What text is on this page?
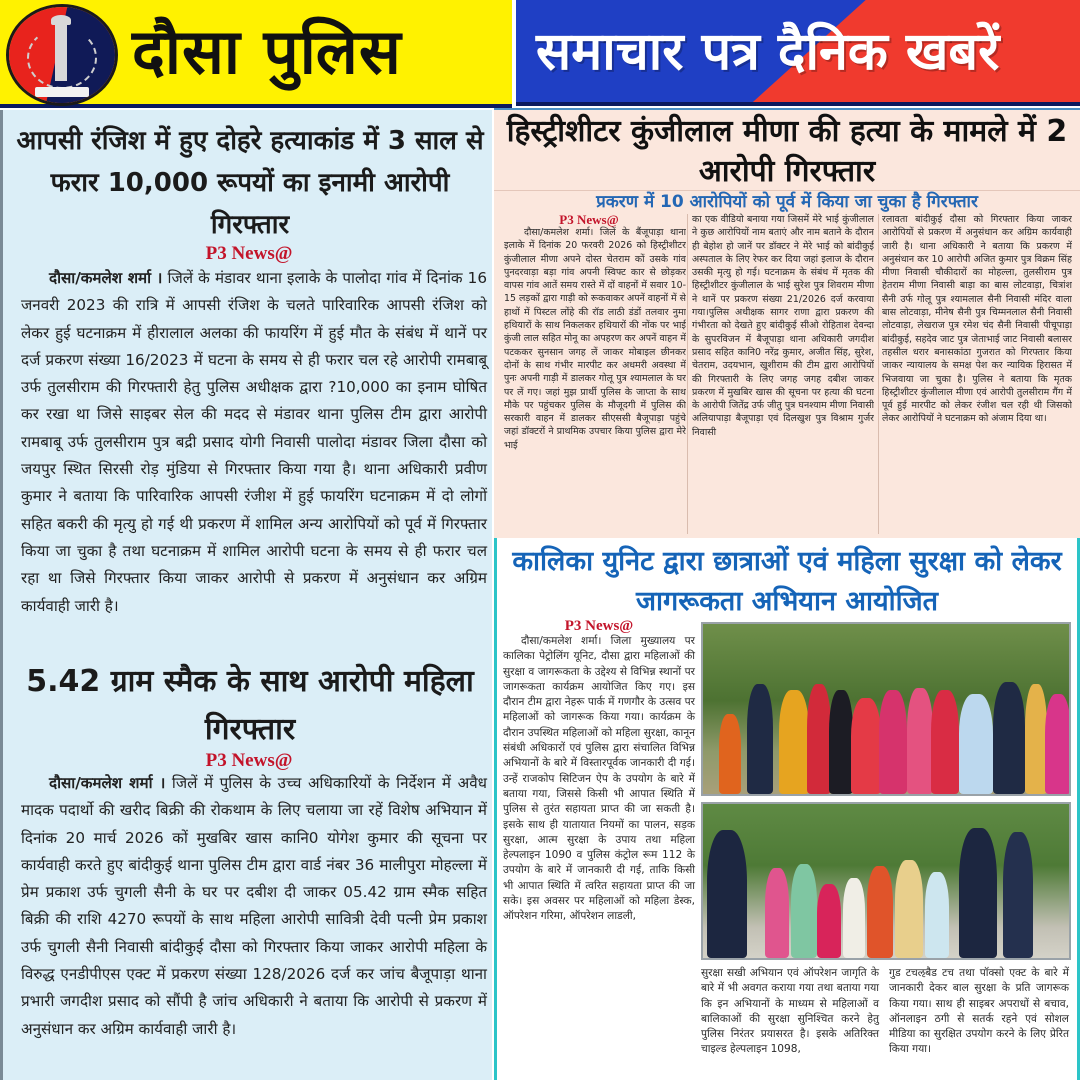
दौसा पुलिस	समाचार पत्र दैनिक खबरें
आपसी रंजिश में हुए दोहरे हत्याकांड में 3 साल से फरार 10,000 रूपयों का इनामी आरोपी गिरफ्तार
P3 News@
दौसा/कमलेश शर्मा । जिलें के मंडावर थाना इलाके के पालोदा गांव में दिनांक 16 जनवरी 2023 की रात्रि में आपसी रंजिश के चलते पारिवारिक आपसी रंजिश को लेकर हुई घटनाक्रम में हीरालाल अलका की फायरिंग में हुई मौत के संबंध में थानें पर दर्ज प्रकरण संख्या 16/2023 में घटना के समय से ही फरार चल रहे आरोपी रामबाबू उर्फ तुलसीराम की गिरफ्तारी हेतु पुलिस अधीक्षक द्वारा ?10,000 का इनाम घोषित कर रखा था जिसे साइबर सेल की मदद से मंडावर थाना पुलिस टीम द्वारा आरोपी रामबाबू उर्फ तुलसीराम पुत्र बद्री प्रसाद योगी निवासी पालोदा मंडावर जिला दौसा को जयपुर स्थित सिरसी रोड़ मुंडिया से गिरफ्तार किया गया है। थाना अधिकारी प्रवीण कुमार ने बताया कि पारिवारिक आपसी रंजीश में हुई फायरिंग घटनाक्रम में दो लोगों सहित बकरी की मृत्यु हो गई थी प्रकरण में शामिल अन्य आरोपियों को पूर्व में गिरफ्तार किया जा चुका है तथा घटनाक्रम में शामिल आरोपी घटना के समय से ही फरार चल रहा था जिसे गिरफ्तार किया जाकर आरोपी से प्रकरण में अनुसंधान कर अग्रिम कार्यवाही जारी है।
5.42 ग्राम स्मैक के साथ आरोपी महिला गिरफ्तार
P3 News@
दौसा/कमलेश शर्मा । जिलें में पुलिस के उच्च अधिकारियों के निर्देशन में अवैध मादक पदार्थो की खरीद बिक्री की रोकथाम के लिए चलाया जा रहें विशेष अभियान में दिनांक 20 मार्च 2026 कों मुखबिर खास कानि0 योगेश कुमार की सूचना पर कार्यवाही करते हुए बांदीकुई थाना पुलिस टीम द्वारा वार्ड नंबर 36 मालीपुरा मोहल्ला में प्रेम प्रकाश उर्फ चुगली सैनी के घर पर दबीश दी जाकर 05.42 ग्राम स्मैक सहित बिक्री की राशि 4270 रूपयों के साथ महिला आरोपी सावित्री देवी पत्नी प्रेम प्रकाश उर्फ चुगली सैनी निवासी बांदीकुई दौसा को गिरफ्तार किया जाकर आरोपी महिला के विरुद्ध एनडीपीएस एक्ट में प्रकरण संख्या 128/2026 दर्ज कर जांच बैजूपाड़ा थाना प्रभारी जगदीश प्रसाद को सौंपी है जांच अधिकारी ने बताया कि आरोपी से प्रकरण में अनुसंधान कर अग्रिम कार्यवाही जारी है।
हिस्ट्रीशीटर कुंजीलाल मीणा की हत्या के मामले में 2 आरोपी गिरफ्तार
प्रकरण में 10 आरोपियों को पूर्व में किया जा चुका है गिरफ्तार
P3 News@
दौसा/कमलेश शर्मा। जिलें के बैंजूपाड़ा थाना इलाके में दिनांक 20 फरवरी 2026 को हिस्ट्रीशीटर कुंजीलाल मीणा अपने दोस्त चेतराम कों उसके गांव पुनदरवाड़ा बड़ा गांव अपनी स्विफ्ट कार से छोड़कर वापस गांव आतें समय रास्ते में दों वाहनों में सवार 10-15 लड़कों द्वारा गाड़ी को रूकवाकर अपनें वाहनों में से हाथों में पिस्टल लोंहे की रॉड लाठी डंडों तलवार नुमा हथियारों के साथ निकलकर हथियारों की नोंक पर भाई कुंजी लाल सहित मोनू का अपहरण कर अपनें वाहन में पटककर सुनसान जगह लें जाकर मोबाइल छीनकर दोनों के साथ गंभीर मारपीट कर अधमरी अवस्था में पुनः अपनी गाड़ी में डालकर गोलू पुत्र श्यामलाल के घर पर लें गए। जहां मुझ प्रार्थी पुलिस के जाप्ता के साथ मौके पर पहुंचकर पुलिस के मौजूदगी में पुलिस की सरकारी वाहन में डालकर सीएससी बैजूपाड़ा पहुंचे जहां डॉक्टरों ने प्राथमिक उपचार किया पुलिस द्वारा मेरे भाई
का एक वीडियो बनाया गया जिसमें मेरे भाई कुंजीलाल ने कुछ आरोपियों नाम बताएं और नाम बताने के दौरान ही बेहोश हो जानें पर डॉक्टर ने मेरे भाई को बांदीकुई अस्पताल के लिए रेफर कर दिया जहां इलाज के दौरान उसकी मृत्यु हो गई। घटनाक्रम के संबंध में मृतक की हिस्ट्रीशीटर कुंजीलाल के भाई सुरेश पुत्र शिवराम मीणा ने थानें पर प्रकरण संख्या 21/2026 दर्ज करवाया गया।पुलिस अधीक्षक सागर राणा द्वारा प्रकरण की गंभीरता को देखते हुए बांदीकुई सीओ रोहिताश देवन्दा के सुपरविजन में बैजूपाड़ा थाना अधिकारी जगदीश प्रसाद सहित कानि0 नरेंद्र कुमार, अजीत सिंह, सुरेश, चेतराम, उदयभान, खुशीराम की टीम द्वारा आरोपियों की गिरफ्तारी के लिए जगह जगह दबीश जाकर प्रकरण में मुखबिर खास की सूचना पर हत्या की घटना के आरोपी जितेंद्र उर्फ जीतु पुत्र घनश्याम मीणा निवासी अलियापाड़ा बैजूपाड़ा एवं दिलखुश पुत्र विश्राम गुर्जर निवासी
रलावता बांदीकुई दौसा को गिरफ्तार किया जाकर आरोपियों से प्रकरण में अनुसंधान कर अग्रिम कार्यवाही जारी है। थाना अधिकारी ने बताया कि प्रकरण में अनुसंधान कर 10 आरोपी अजित कुमार पुत्र विक्रम सिंह मीणा निवासी चौकीदारों का मोहल्ला, तुलसीराम पुत्र हेतराम मीणा निवासी बाड़ा का बास लोटवाड़ा, चित्रांश सैनी उर्फ गोलू पुत्र श्यामलाल सैनी निवासी मंदिर वाला बास लोटवाड़ा, मीनेष सैनी पुत्र चिम्मनलाल सैनी निवासी लोटवाड़ा, लेखराज पुत्र रमेश चंद सैनी निवासी पीचूपाड़ा बांदीकुई, सहदेव जाट पुत्र जेताभाई जाट निवासी बलासर तहसील धरार बनासकांठा गुजरात को गिरफ्तार किया जाकर न्यायालय के समक्ष पेश कर न्यायिक हिरासत में भिजवाया जा चुका है। पुलिस ने बताया कि मृतक हिस्ट्रीशीटर कुंजीलाल मीणा एवं आरोपी तुलसीराम गैंग में पूर्व हुई मारपीट को लेकर रंजीश चल रही थी जिसको लेकर आरोपियों ने घटनाक्रम को अंजाम दिया था।
कालिका युनिट द्वारा छात्राओं एवं महिला सुरक्षा को लेकर जागरूकता अभियान आयोजित
P3 News@
दौसा/कमलेश शर्मा। जिला मुख्यालय पर कालिका पेट्रोलिंग यूनिट, दौसा द्वारा महिलाओं की सुरक्षा व जागरूकता के उद्देश्य से विभिन्न स्थानों पर जागरूकता कार्यक्रम आयोजित किए गए। इस दौरान टीम द्वारा नेहरू पार्क में गणगौर के उत्सव पर महिलाओं को जागरूक किया गया। कार्यक्रम के दौरान उपस्थित महिलाओं को महिला सुरक्षा, कानून संबंधी अधिकारों एवं पुलिस द्वारा संचालित विभिन्न अभियानों के बारे में विस्तारपूर्वक जानकारी दी गई। उन्हें राजकोप सिटिजन ऐप के उपयोग के बारे में बताया गया, जिससे किसी भी आपात स्थिति में पुलिस से तुरंत सहायता प्राप्त की जा सकती है। इसके साथ ही यातायात नियमों का पालन, सड़क सुरक्षा, आत्म सुरक्षा के उपाय तथा महिला हेल्पलाइन 1090 व पुलिस कंट्रोल रूम 112 के उपयोग के बारे में जानकारी दी गई, ताकि किसी भी आपात स्थिति में त्वरित सहायता प्राप्त की जा सके। इस अवसर पर महिलाओं को महिला डेस्क, ऑपरेशन गरिमा, ऑपरेशन लाडली,
सुरक्षा सखी अभियान एवं ऑपरेशन जागृति के बारे में भी अवगत कराया गया तथा बताया गया कि इन अभियानों के माध्यम से महिलाओं व बालिकाओं की सुरक्षा सुनिश्चित करने हेतु पुलिस निरंतर प्रयासरत है। इसके अतिरिक्त चाइल्ड हेल्पलाइन 1098,
गुड टचऌबैड टच तथा पॉक्सो एक्ट के बारे में जानकारी देकर बाल सुरक्षा के प्रति जागरूक किया गया। साथ ही साइबर अपराधों से बचाव, ऑनलाइन ठगी से सतर्क रहने एवं सोशल मीडिया का सुरक्षित उपयोग करने के लिए प्रेरित किया गया।
